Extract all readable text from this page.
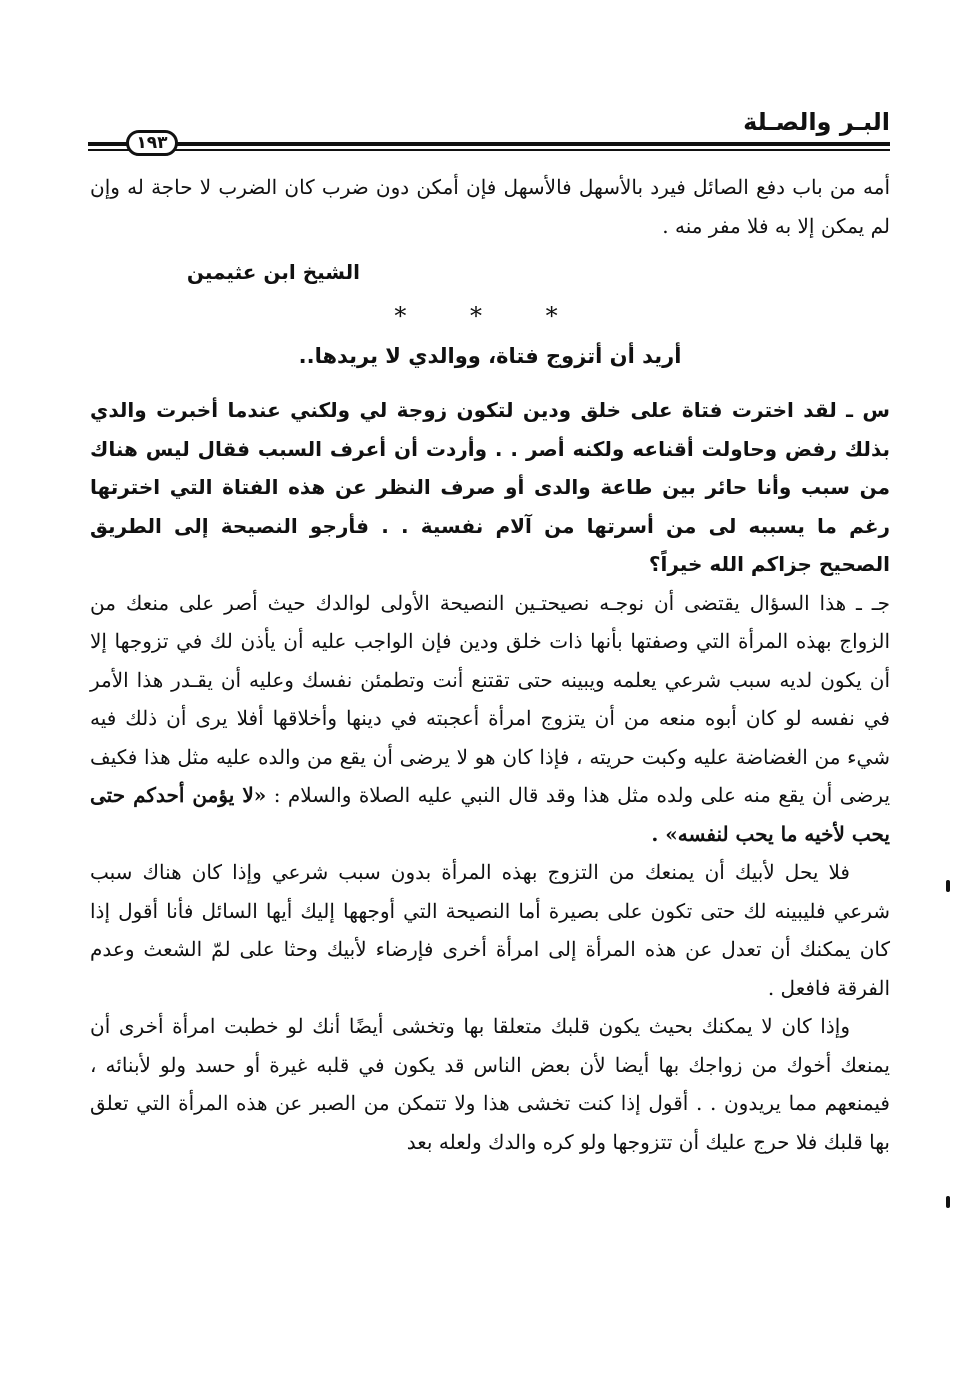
البـر والصـلة
١٩٣

أمه من باب دفع الصائل فيرد بالأسهل فالأسهل فإن أمكن دون ضرب كان الضرب لا حاجة له وإن لم يمكن إلا به فلا مفر منه .

الشيخ ابن عثيمين

* * *
أريد أن أتزوج فتاة، ووالدي لا يريدها..

س ـ لقد اخترت فتاة على خلق ودين لتكون زوجة لي ولكني عندما أخبرت والدي بذلك رفض وحاولت أقناعه ولكنه أصر . . وأردت أن أعرف السبب فقال ليس هناك من سبب وأنا حائر بين طاعة والدى أو صرف النظر عن هذه الفتاة التي اخترتها رغم ما يسببه لى من أسرتها من آلام نفسية . . فأرجو النصيحة إلى الطريق الصحيح جزاكم الله خيراً؟

جـ ـ هذا السؤال يقتضى أن نوجـه نصيحتـين النصيحة الأولى لوالدك حيث أصر على منعك من الزواج بهذه المرأة التي وصفتها بأنها ذات خلق ودين فإن الواجب عليه أن يأذن لك في تزوجها إلا أن يكون لديه سبب شرعي يعلمه ويبينه حتى تقتنع أنت وتطمئن نفسك وعليه أن يقـدر هذا الأمر في نفسه لو كان أبوه منعه من أن يتزوج امرأة أعجبته في دينها وأخلاقها أفلا يرى أن ذلك فيه شيء من الغضاضة عليه وكبت حريته ، فإذا كان هو لا يرضى أن يقع من والده عليه مثل هذا فكيف يرضى أن يقع منه على ولده مثل هذا وقد قال النبي عليه الصلاة والسلام : «لا يؤمن أحدكم حتى يحب لأخيه ما يحب لنفسه» .

فلا يحل لأبيك أن يمنعك من التزوج بهذه المرأة بدون سبب شرعي وإذا كان هناك سبب شرعي فليبينه لك حتى تكون على بصيرة أما النصيحة التي أوجهها إليك أيها السائل فأنا أقول إذا كان يمكنك أن تعدل عن هذه المرأة إلى امرأة أخرى فإرضاء لأبيك وحثا على لمّ الشعث وعدم الفرقة فافعل .

وإذا كان لا يمكنك بحيث يكون قلبك متعلقا بها وتخشى أيضًا أنك لو خطبت امرأة أخرى أن يمنعك أخوك من زواجك بها أيضا لأن بعض الناس قد يكون في قلبه غيرة أو حسد ولو لأبنائه ، فيمنعهم مما يريدون . . أقول إذا كنت تخشى هذا ولا تتمكن من الصبر عن هذه المرأة التي تعلق بها قلبك فلا حرج عليك أن تتزوجها ولو كره والدك ولعله بعد
